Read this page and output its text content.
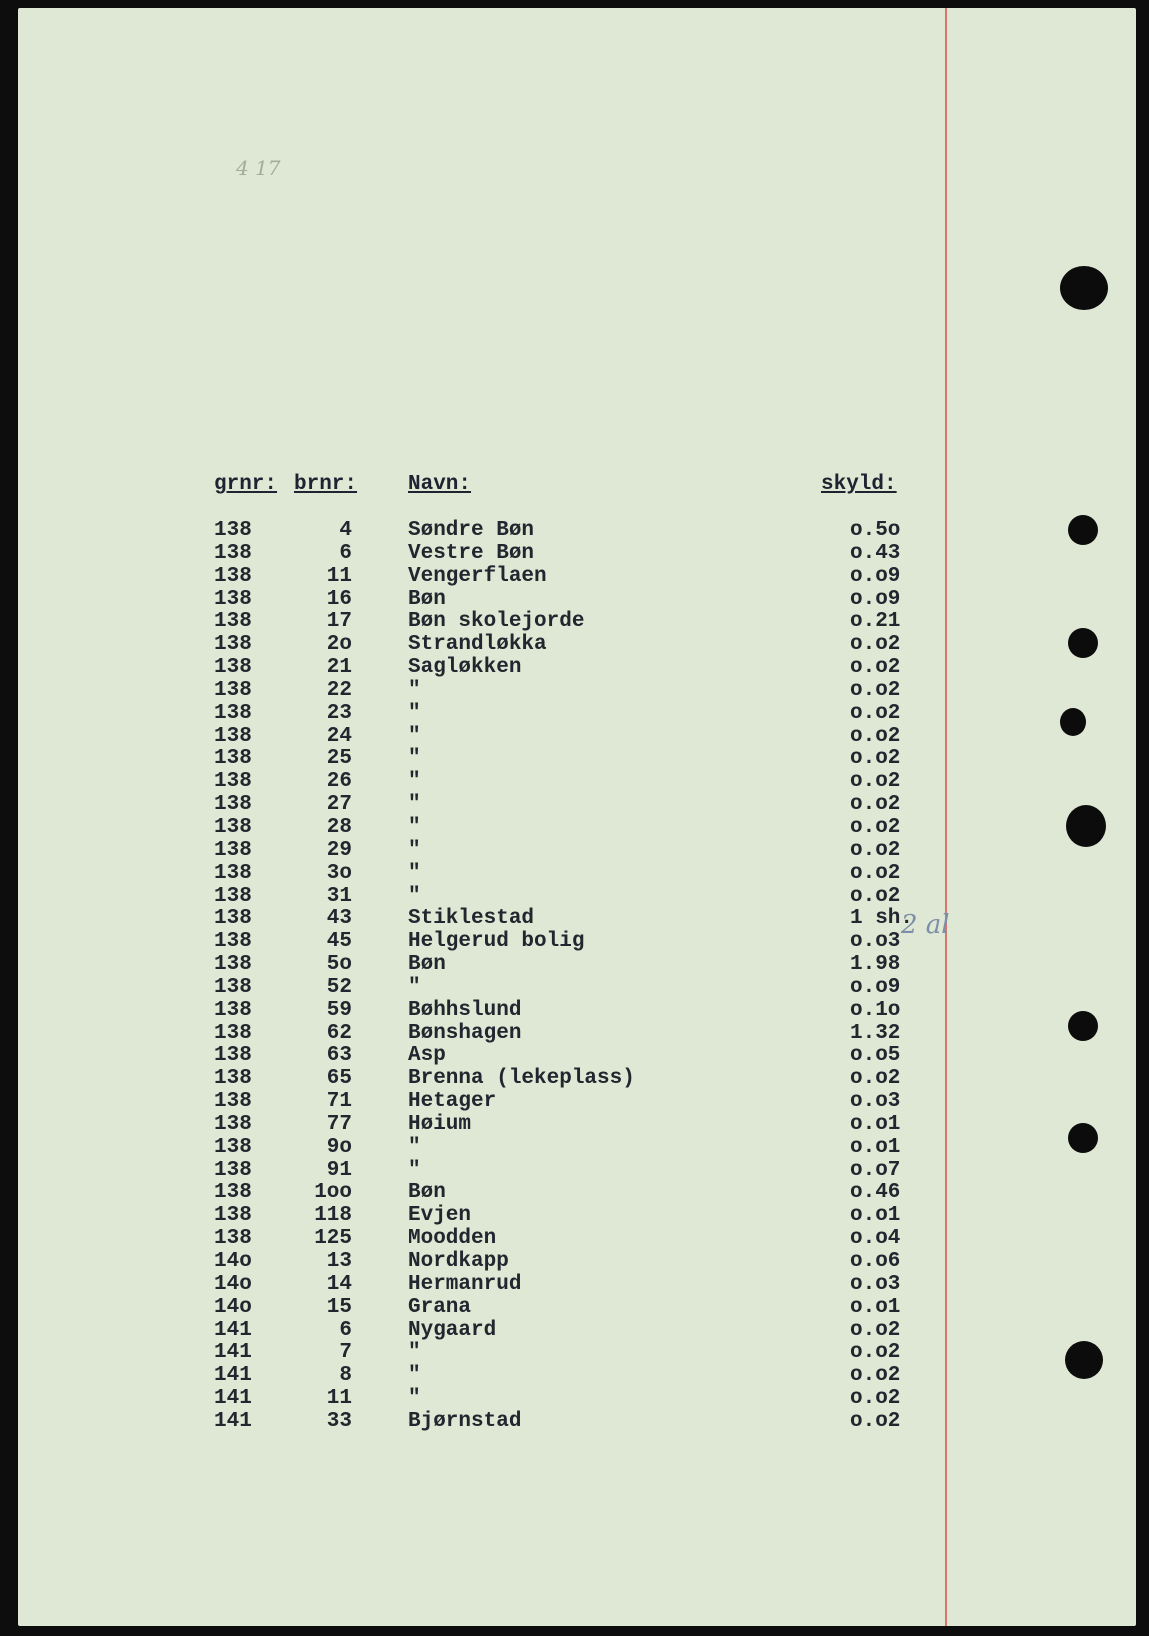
4 17
2 al
grnr: brnr: Navn:	skyld:
138	4	Søndre Bøn	o.5o
138	6	Vestre Bøn	o.43
138	11	Vengerflaen	o.o9
138	16	Bøn	o.o9
138	17	Bøn skolejorde	o.21
138	2o	Strandløkka	o.o2
138	21	Sagløkken	o.o2
138	22	"	o.o2
138	23	"	o.o2
138	24	"	o.o2
138	25	"	o.o2
138	26	"	o.o2
138	27	"	o.o2
138	28	"	o.o2
138	29	"	o.o2
138	3o	"	o.o2
138	31	"	o.o2
138	43	Stiklestad	1 sh.
138	45	Helgerud bolig	o.o3
138	5o	Bøn	1.98
138	52	"	o.o9
138	59	Bøhhslund	o.1o
138	62	Bønshagen	1.32
138	63	Asp	o.o5
138	65	Brenna (lekeplass)	o.o2
138	71	Hetager	o.o3
138	77	Høium	o.o1
138	9o	"	o.o1
138	91	"	o.o7
138	1oo	Bøn	o.46
138	118	Evjen	o.o1
138	125	Moodden	o.o4
14o	13	Nordkapp	o.o6
14o	14	Hermanrud	o.o3
14o	15	Grana	o.o1
141	6	Nygaard	o.o2
141	7	"	o.o2
141	8	"	o.o2
141	11	"	o.o2
141	33	Bjørnstad	o.o2
